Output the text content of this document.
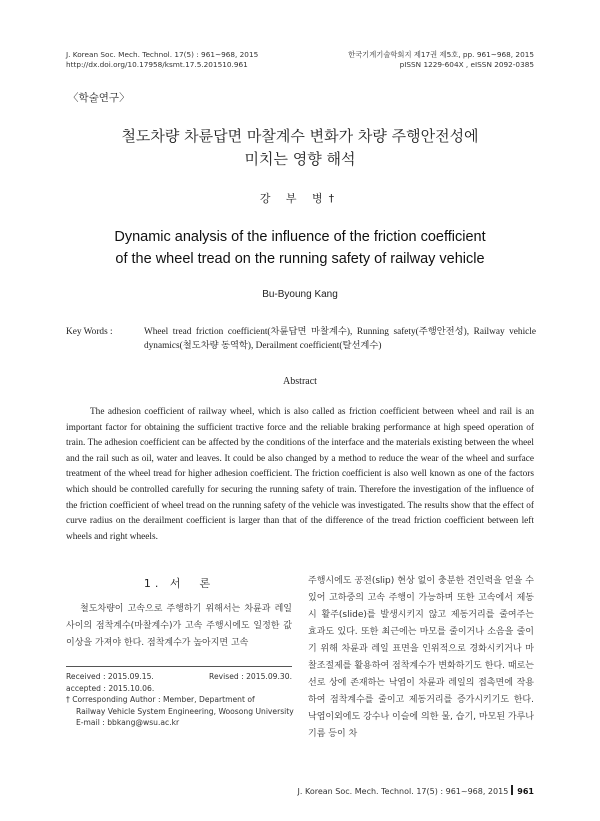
J. Korean Soc. Mech. Technol. 17(5) : 961~968, 2015
http://dx.doi.org/10.17958/ksmt.17.5.201510.961
한국기계기술학회지 제17권 제5호, pp. 961~968, 2015
pISSN 1229-604X , eISSN 2092-0385
〈학술연구〉
철도차량 차륜답면 마찰계수 변화가 차량 주행안전성에
미치는 영향 해석
강 부 병†
Dynamic analysis of the influence of the friction coefficient
of the wheel tread on the running safety of railway vehicle
Bu-Byoung Kang
Key Words :	Wheel tread friction coefficient(차륜답면 마찰계수), Running safety(주행안전성), Railway vehicle dynamics(철도차량 동역학), Derailment coefficient(탈선계수)
Abstract
The adhesion coefficient of railway wheel, which is also called as friction coefficient between wheel and rail is an important factor for obtaining the sufficient tractive force and the reliable braking performance at high speed operation of train. The adhesion coefficient can be affected by the conditions of the interface and the materials existing between the wheel and the rail such as oil, water and leaves. It could be also changed by a method to reduce the wear of the wheel and surface treatment of the wheel tread for higher adhesion coefficient. The friction coefficient is also well known as one of the factors which should be controlled carefully for securing the running safety of train. Therefore the investigation of the influence of the friction coefficient of wheel tread on the running safety of the vehicle was investigated. The results show that the effect of curve radius on the derailment coefficient is larger than that of the difference of the tread friction coefficient between left wheels and right wheels.
1. 서　론
철도차량이 고속으로 주행하기 위해서는 차륜과 레일사이의 점착계수(마찰계수)가 고속 주행시에도 일정한 값 이상을 가져야 한다. 점착계수가 높아지면 고속
주행시에도 공전(slip) 현상 없이 충분한 견인력을 얻을 수 있어 고하중의 고속 주행이 가능하며 또한 고속에서 제동시 활주(slide)를 발생시키지 않고 제동거리를 줄여주는 효과도 있다. 또한 최근에는 마모를 줄이거나 소음을 줄이기 위해 차륜과 레일 표면을 인위적으로 경화시키거나 마찰조절제를 활용하여 점착계수가 변화하기도 한다. 때로는 선로 상에 존재하는 낙엽이 차륜과 레일의 접촉면에 작용하여 점착계수를 줄이고 제동거리를 증가시키기도 한다. 낙엽이외에도 강수나 이슬에 의한 물, 습기, 마모된 가루나 기름 등이 차
Received : 2015.09.15.	Revised : 2015.09.30.
accepted : 2015.10.06.
† Corresponding Author : Member, Department of
Railway Vehicle System Engineering, Woosong University
E-mail : bbkang@wsu.ac.kr
J. Korean Soc. Mech. Technol. 17(5) : 961~968, 2015 961
